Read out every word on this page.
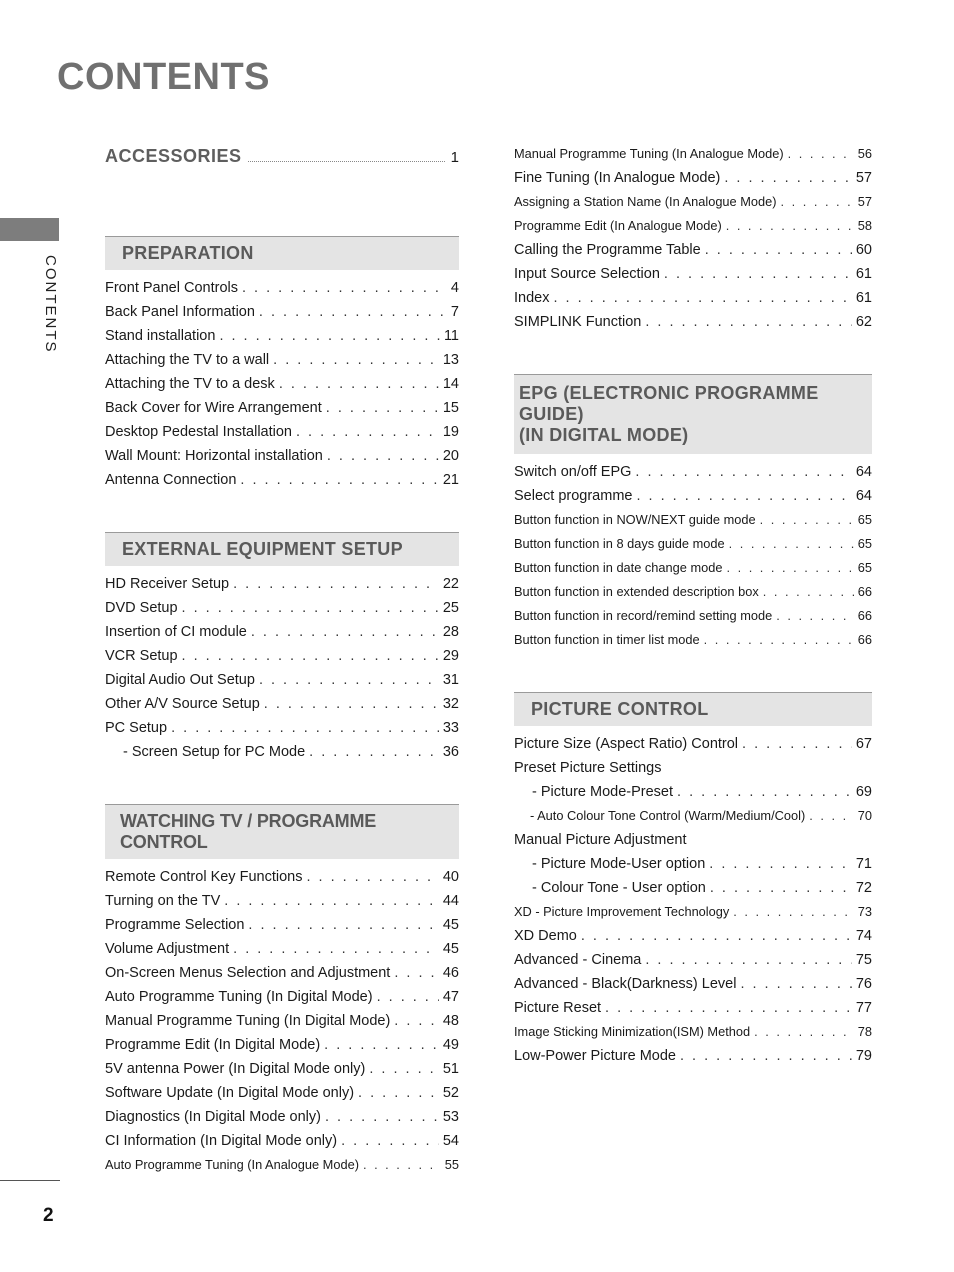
CONTENTS
CONTENTS
ACCESSORIES	1
PREPARATION
Front Panel Controls . . .	4
Back Panel Information . . .	7
Stand installation . . .	11
Attaching the TV to a wall . . .	13
Attaching the TV to a desk . . .	14
Back Cover for Wire Arrangement . . .	15
Desktop Pedestal Installation . . .	19
Wall Mount: Horizontal installation . . .	20
Antenna Connection . . .	21
EXTERNAL EQUIPMENT SETUP
HD Receiver Setup . . .	22
DVD Setup . . .	25
Insertion of CI module . . .	28
VCR Setup . . .	29
Digital Audio Out Setup . . .	31
Other A/V Source Setup . . .	32
PC Setup . . .	33
- Screen Setup for PC Mode . . .	36
WATCHING TV / PROGRAMME CONTROL
Remote Control Key Functions . . .	40
Turning on the TV . . .	44
Programme Selection . . .	45
Volume Adjustment . . .	45
On-Screen Menus Selection and Adjustment . . .	46
Auto Programme Tuning (In Digital Mode) . . .	47
Manual Programme Tuning (In Digital Mode) . . .	48
Programme Edit (In Digital Mode) . . .	49
5V antenna Power (In Digital Mode only) . . .	51
Software Update (In Digital Mode only) . . .	52
Diagnostics (In Digital Mode only) . . .	53
CI Information (In Digital Mode only) . . .	54
Auto Programme Tuning (In Analogue Mode) . . .	55
Manual Programme Tuning (In Analogue Mode) . . .	56
Fine Tuning (In Analogue Mode) . . .	57
Assigning a Station Name (In Analogue Mode) . . .	57
Programme Edit (In Analogue Mode) . . .	58
Calling the Programme Table . . .	60
Input Source Selection . . .	61
Index . . .	61
SIMPLINK Function . . .	62
EPG (ELECTRONIC PROGRAMME GUIDE)
(IN DIGITAL MODE)
Switch on/off EPG . . .	64
Select programme . . .	64
Button function in NOW/NEXT guide mode . . .	65
Button function in 8 days guide mode . . .	65
Button function in date change mode . . .	65
Button function in extended description box . . .	66
Button function in record/remind setting mode . . .	66
Button function in timer list mode . . .	66
PICTURE CONTROL
Picture Size (Aspect Ratio) Control . . .	67
Preset Picture Settings
- Picture Mode-Preset . . .	69
- Auto Colour Tone Control (Warm/Medium/Cool) . . .	70
Manual Picture Adjustment
- Picture Mode-User option . . .	71
- Colour Tone - User option . . .	72
XD - Picture Improvement Technology . . .	73
XD Demo . . .	74
Advanced - Cinema . . .	75
Advanced - Black(Darkness) Level . . .	76
Picture Reset . . .	77
Image Sticking Minimization(ISM) Method . . .	78
Low-Power Picture Mode . . .	79
2
